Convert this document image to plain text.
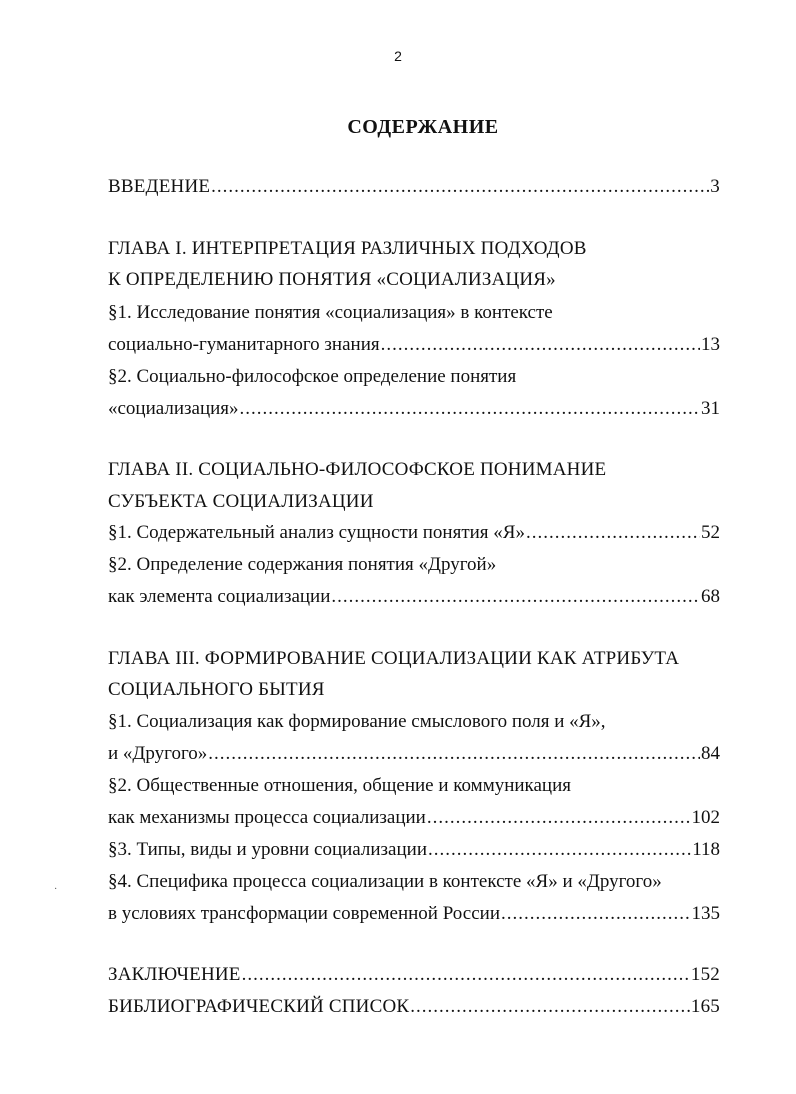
2
СОДЕРЖАНИЕ
ВВЕДЕНИЕ .....	3
ГЛАВА I. ИНТЕРПРЕТАЦИЯ РАЗЛИЧНЫХ ПОДХОДОВ
К ОПРЕДЕЛЕНИЮ ПОНЯТИЯ «СОЦИАЛИЗАЦИЯ»
§1. Исследование понятия «социализация» в контексте
социально-гуманитарного знания .....	13
§2. Социально-философское определение понятия
«социализация» .....	31
ГЛАВА II. СОЦИАЛЬНО-ФИЛОСОФСКОЕ ПОНИМАНИЕ
СУБЪЕКТА СОЦИАЛИЗАЦИИ
§1. Содержательный анализ сущности понятия «Я» .....	52
§2. Определение содержания понятия «Другой»
как элемента социализации .....	68
ГЛАВА III. ФОРМИРОВАНИЕ СОЦИАЛИЗАЦИИ КАК АТРИБУТА
СОЦИАЛЬНОГО БЫТИЯ
§1. Социализация как формирование смыслового поля и «Я»,
и «Другого» .....	84
§2. Общественные отношения, общение и коммуникация
как механизмы процесса социализации .....	102
§3. Типы, виды и уровни социализации .....	118
§4. Специфика процесса социализации в контексте «Я» и «Другого»
в условиях трансформации современной России .....	135
·
ЗАКЛЮЧЕНИЕ .....	152
БИБЛИОГРАФИЧЕСКИЙ СПИСОК .....	165
